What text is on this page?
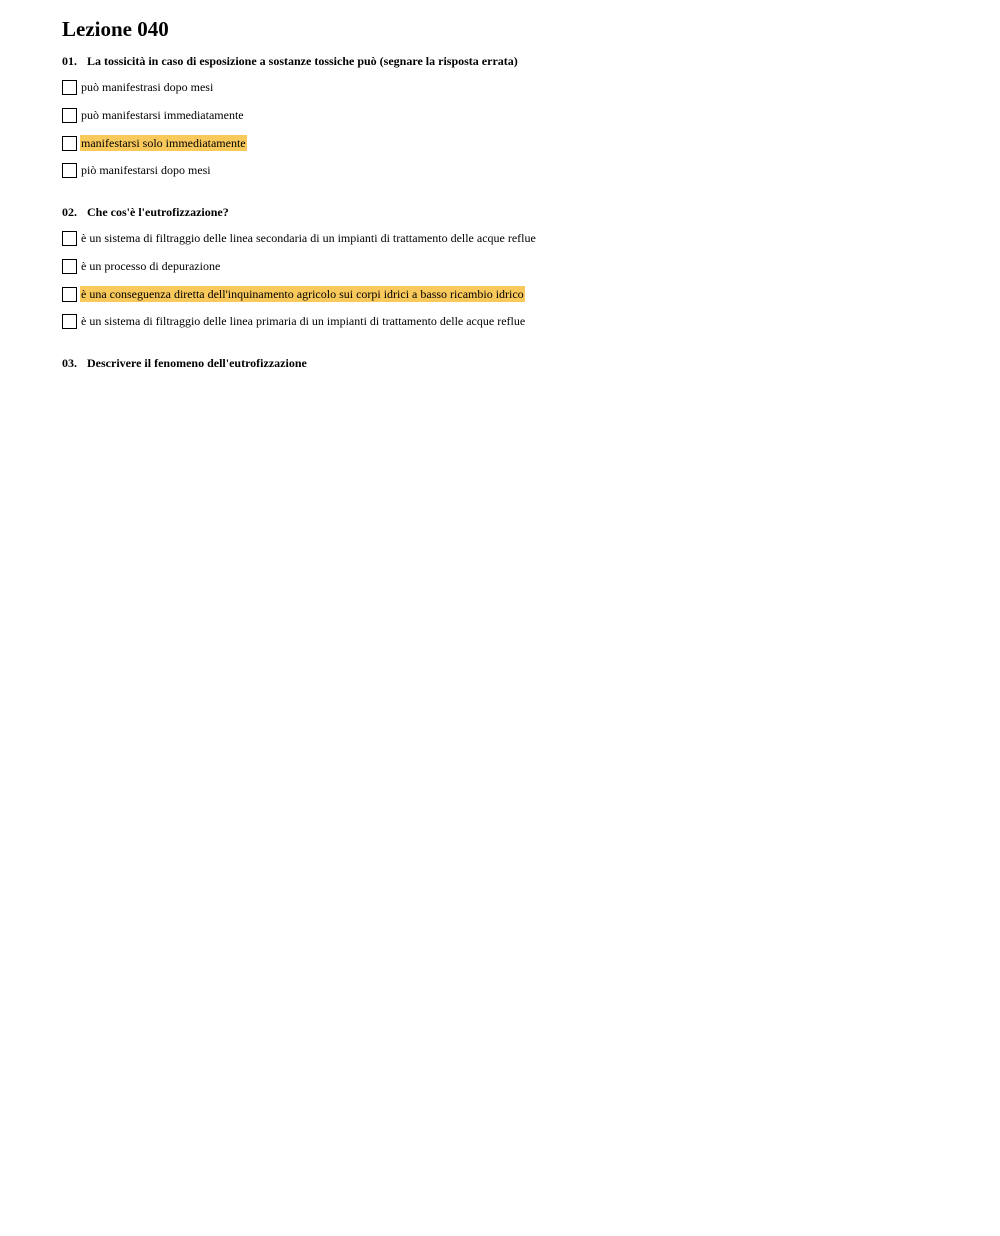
Lezione 040
01. La tossicità in caso di esposizione a sostanze tossiche può (segnare la risposta errata)
può manifestrasi dopo mesi
può manifestarsi immediatamente
manifestarsi solo immediatamente
piò manifestarsi dopo mesi
02. Che cos'è l'eutrofizzazione?
è un sistema di filtraggio delle linea secondaria di un impianti di trattamento delle acque reflue
è un processo di depurazione
è una conseguenza diretta dell'inquinamento agricolo sui corpi idrici a basso ricambio idrico
è un sistema di filtraggio delle linea primaria di un impianti di trattamento delle acque reflue
03. Descrivere il fenomeno dell'eutrofizzazione
